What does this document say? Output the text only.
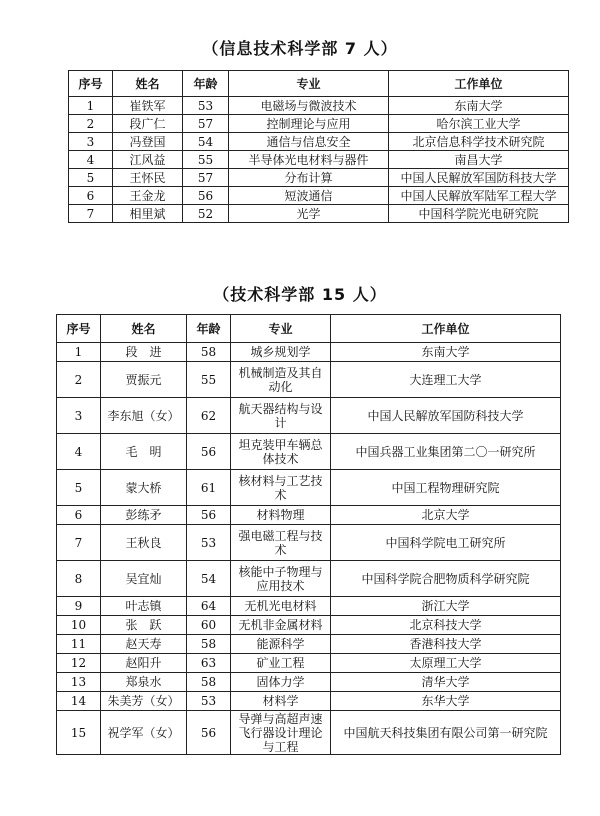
（信息技术科学部 7 人）
序号	姓名	年龄	专业	工作单位
1	崔铁军	53	电磁场与微波技术	东南大学
2	段广仁	57	控制理论与应用	哈尔滨工业大学
3	冯登国	54	通信与信息安全	北京信息科学技术研究院
4	江风益	55	半导体光电材料与器件	南昌大学
5	王怀民	57	分布计算	中国人民解放军国防科技大学
6	王金龙	56	短波通信	中国人民解放军陆军工程大学
7	相里斌	52	光学	中国科学院光电研究院
（技术科学部 15 人）
序号	姓名	年龄	专业	工作单位
1	段　进	58	城乡规划学	东南大学
2	贾振元	55	机械制造及其自动化	大连理工大学
3	李东旭（女）	62	航天器结构与设计	中国人民解放军国防科技大学
4	毛　明	56	坦克装甲车辆总体技术	中国兵器工业集团第二〇一研究所
5	蒙大桥	61	核材料与工艺技术	中国工程物理研究院
6	彭练矛	56	材料物理	北京大学
7	王秋良	53	强电磁工程与技术	中国科学院电工研究所
8	吴宜灿	54	核能中子物理与应用技术	中国科学院合肥物质科学研究院
9	叶志镇	64	无机光电材料	浙江大学
10	张　跃	60	无机非金属材料	北京科技大学
11	赵天寿	58	能源科学	香港科技大学
12	赵阳升	63	矿业工程	太原理工大学
13	郑泉水	58	固体力学	清华大学
14	朱美芳（女）	53	材料学	东华大学
15	祝学军（女）	56	导弹与高超声速飞行器设计理论与工程	中国航天科技集团有限公司第一研究院
